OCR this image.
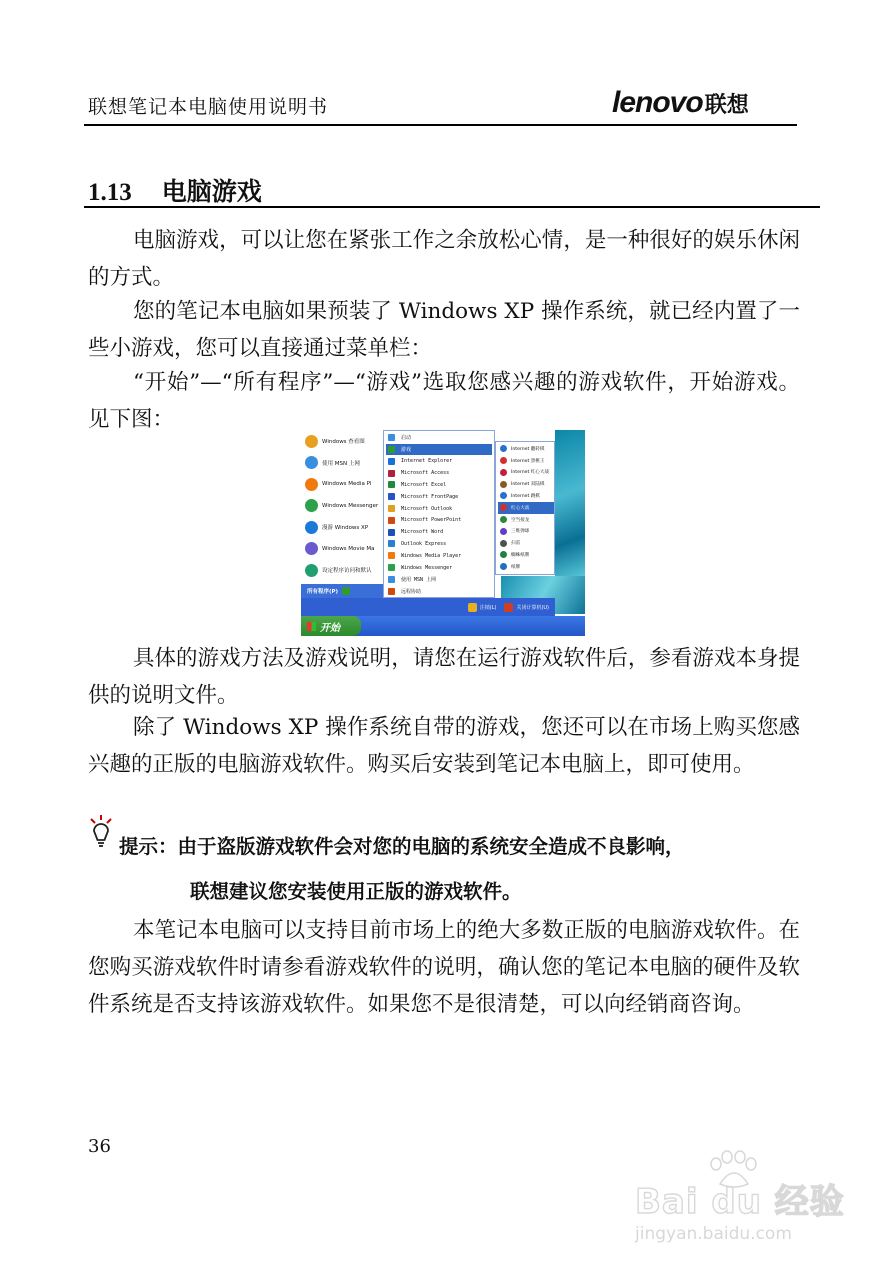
联想笔记本电脑使用说明书	lenovo联想
1.13 电脑游戏

电脑游戏，可以让您在紧张工作之余放松心情，是一种很好的娱乐休闲的方式。

您的笔记本电脑如果预装了 Windows XP 操作系统，就已经内置了一些小游戏，您可以直接通过菜单栏：

“开始”—“所有程序”—“游戏”选取您感兴趣的游戏软件，开始游戏。见下图：

Windows 查看图
使用 MSN 上网
Windows Media Pl
Windows Messenger
漫游 Windows XP
Windows Movie Ma
设定程序访问和默认
所有程序(P)
启动
游戏
Internet Explorer
Microsoft Access
Microsoft Excel
Microsoft FrontPage
Microsoft Outlook
Microsoft PowerPoint
Microsoft Word
Outlook Express
Windows Media Player
Windows Messenger
使用 MSN 上网
远程协助
Internet 翻转棋
Internet 黑桃王
Internet 红心大战
Internet 双陆棋
Internet 跳棋
红心大战
空当接龙
三维弹球
扫雷
蜘蛛纸牌
纸牌
注销(L)	关闭计算机(U)
开始

具体的游戏方法及游戏说明，请您在运行游戏软件后，参看游戏本身提供的说明文件。

除了 Windows XP 操作系统自带的游戏，您还可以在市场上购买您感兴趣的正版的电脑游戏软件。购买后安装到笔记本电脑上，即可使用。

提示：由于盗版游戏软件会对您的电脑的系统安全造成不良影响，
联想建议您安装使用正版的游戏软件。

本笔记本电脑可以支持目前市场上的绝大多数正版的电脑游戏软件。在您购买游戏软件时请参看游戏软件的说明，确认您的笔记本电脑的硬件及软件系统是否支持该游戏软件。如果您不是很清楚，可以向经销商咨询。

36
Bai du 经验
jingyan.baidu.com
